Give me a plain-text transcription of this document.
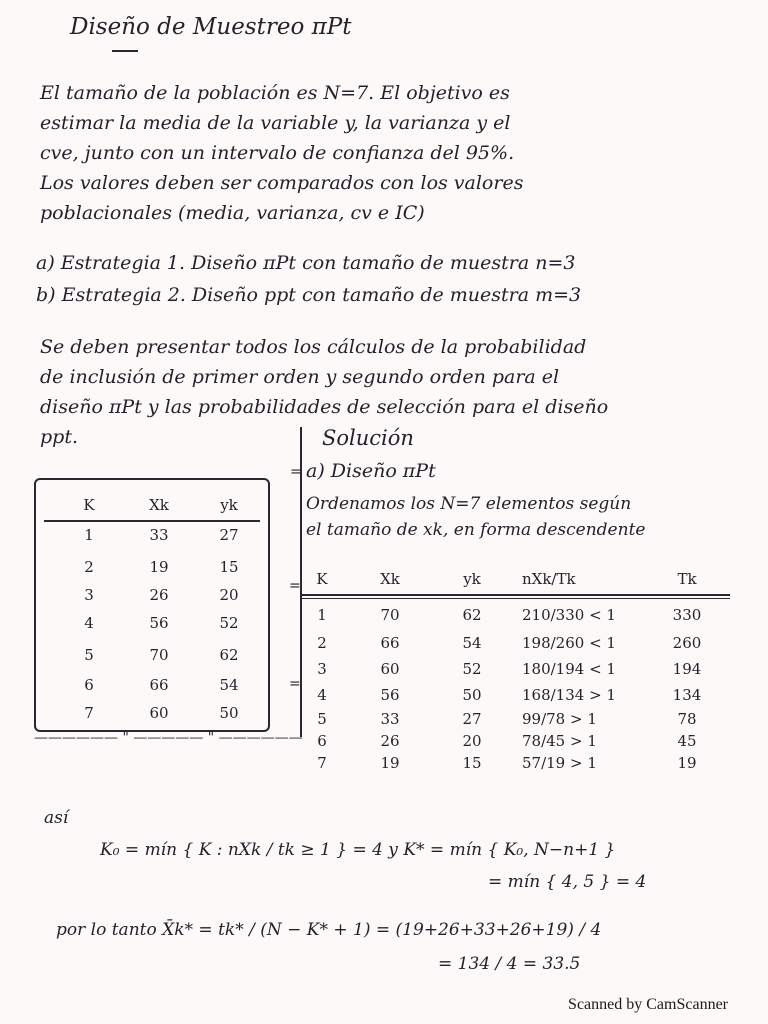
Diseño de Muestreo πPt
El tamaño de la población es N=7. El objetivo es
estimar la media de la variable y, la varianza y el
cve, junto con un intervalo de confianza del 95%.
Los valores deben ser comparados con los valores
poblacionales (media, varianza, cv e IC)
a) Estrategia 1. Diseño πPt con tamaño de muestra n=3
b) Estrategia 2. Diseño ppt con tamaño de muestra m=3
Se deben presentar todos los cálculos de la probabilidad
de inclusión de primer orden y segundo orden para el
diseño πPt y las probabilidades de selección para el diseño
ppt.	Solución
= a) Diseño πPt
Ordenamos los N=7 elementos según
el tamaño de xk, en forma descendente
K	Xk	yk
1	33	27
2	19	15
3	26	20
4	56	52
5	70	62
6	66	54
7	60	50
—————— " ————— " ——————
=
=
K	Xk	yk	nXk/Tk	Tk
1	70	62	210/330 < 1	330
2	66	54	198/260 < 1	260
3	60	52	180/194 < 1	194
4	56	50	168/134 > 1	134
5	33	27	99/78 > 1	78
6	26	20	78/45 > 1	45
7	19	15	57/19 > 1	19
así
K₀ = mín { K : nXk / tk ≥ 1 } = 4 y K* = mín { K₀, N−n+1 }
= mín { 4, 5 } = 4
por lo tanto X̄k* = tk* / (N − K* + 1) = (19+26+33+26+19) / 4
= 134 / 4 = 33.5
Scanned by CamScanner
